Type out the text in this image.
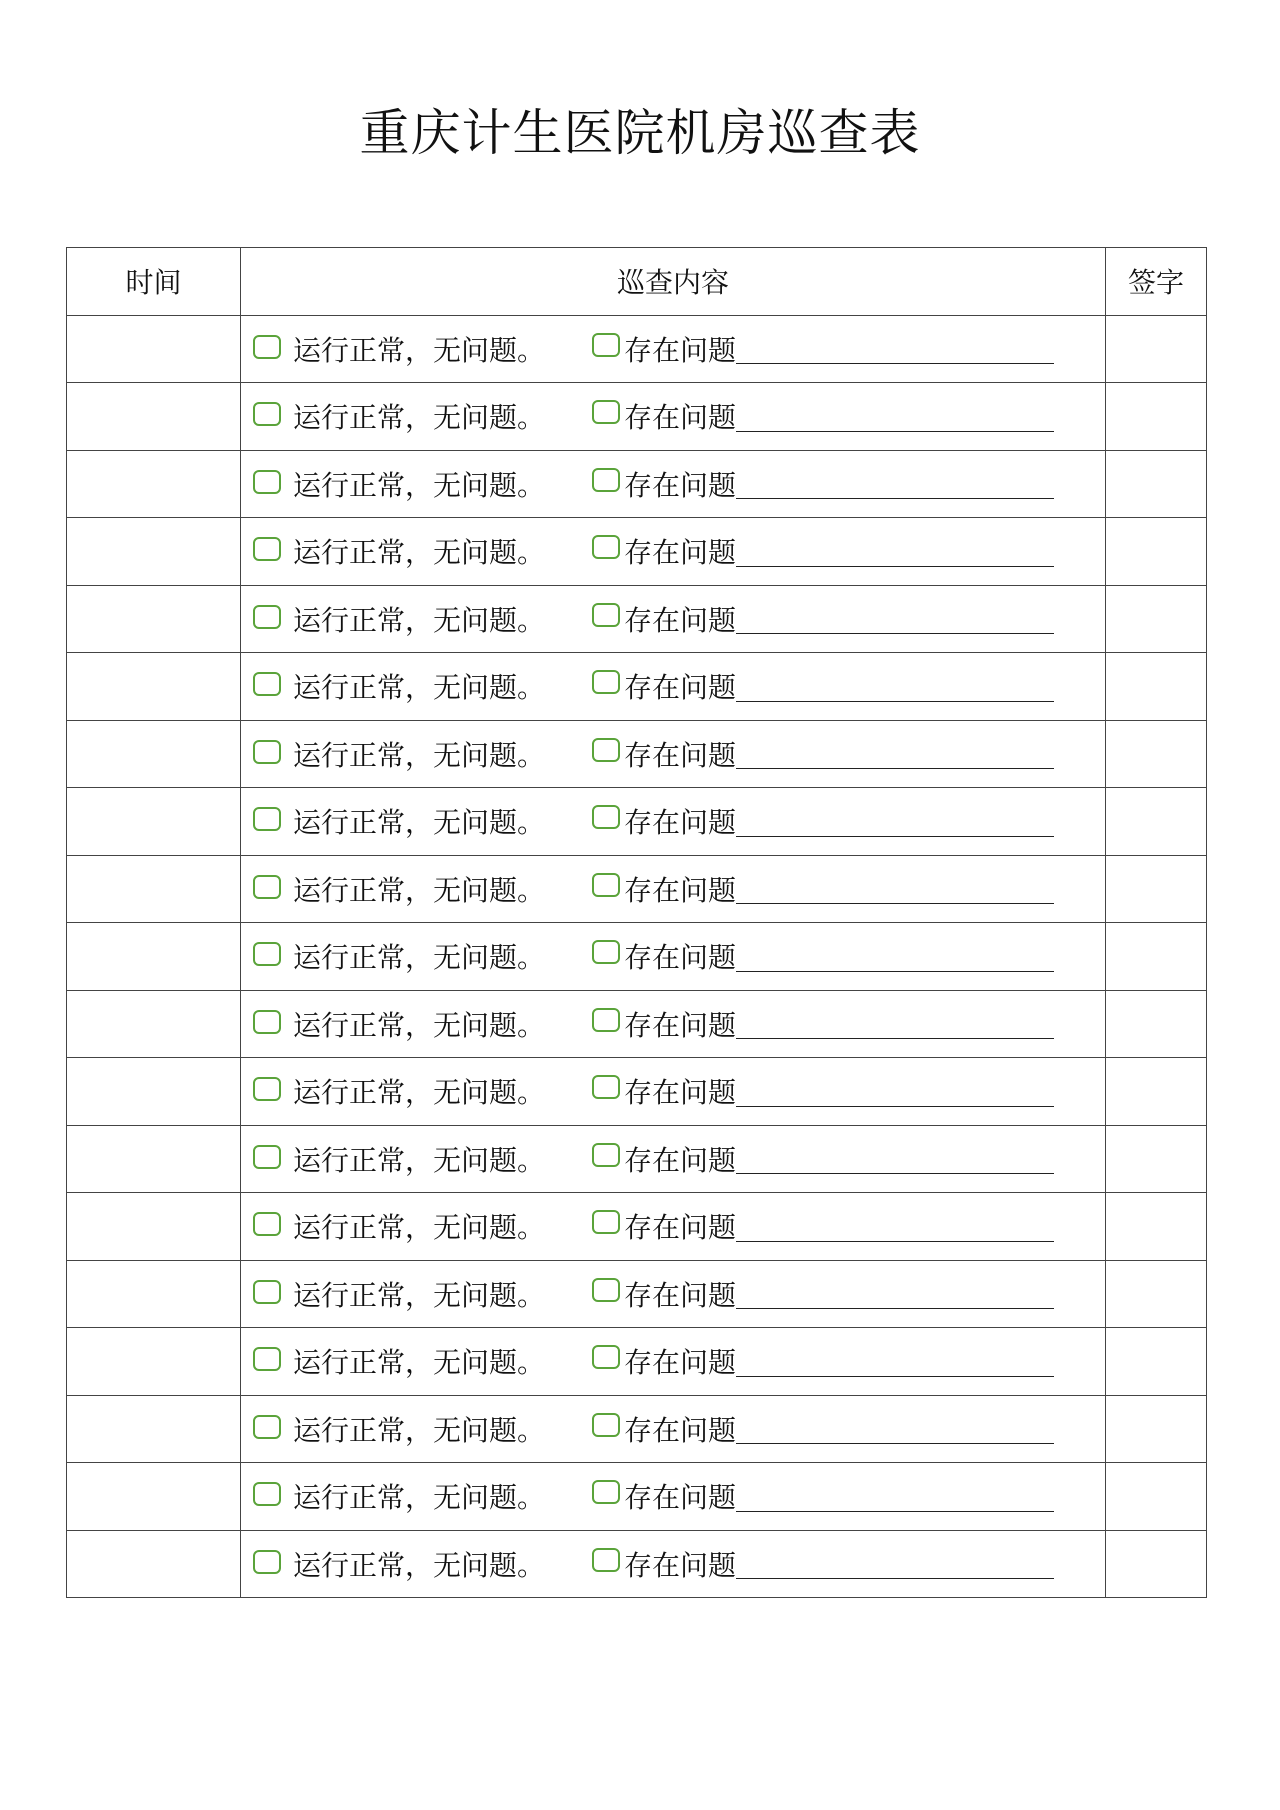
重庆计生医院机房巡查表
时间	巡查内容	签字

	运行正常，无问题。 存在问题	

	运行正常，无问题。 存在问题	

	运行正常，无问题。 存在问题	

	运行正常，无问题。 存在问题	

	运行正常，无问题。 存在问题	

	运行正常，无问题。 存在问题	

	运行正常，无问题。 存在问题	

	运行正常，无问题。 存在问题	

	运行正常，无问题。 存在问题	

	运行正常，无问题。 存在问题	

	运行正常，无问题。 存在问题	

	运行正常，无问题。 存在问题	

	运行正常，无问题。 存在问题	

	运行正常，无问题。 存在问题	

	运行正常，无问题。 存在问题	

	运行正常，无问题。 存在问题	

	运行正常，无问题。 存在问题	

	运行正常，无问题。 存在问题	

	运行正常，无问题。 存在问题	
